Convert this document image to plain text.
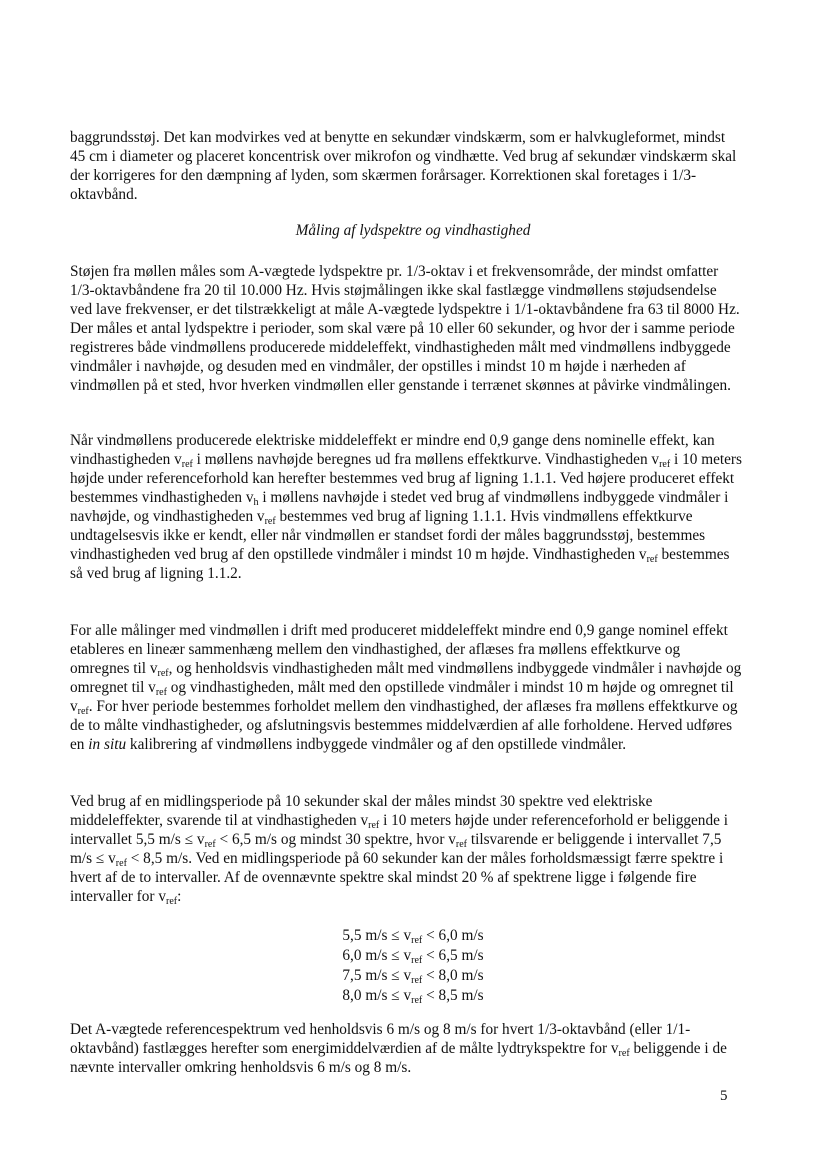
baggrundsstøj. Det kan modvirkes ved at benytte en sekundær vindskærm, som er halvkugleformet, mindst 45 cm i diameter og placeret koncentrisk over mikrofon og vindhætte. Ved brug af sekundær vindskærm skal der korrigeres for den dæmpning af lyden, som skærmen forårsager. Korrektionen skal foretages i 1/3-oktavbånd.

Måling af lydspektre og vindhastighed

Støjen fra møllen måles som A-vægtede lydspektre pr. 1/3-oktav i et frekvensområde, der mindst omfatter 1/3-oktavbåndene fra 20 til 10.000 Hz. Hvis støjmålingen ikke skal fastlægge vindmøllens støjudsendelse ved lave frekvenser, er det tilstrækkeligt at måle A-vægtede lydspektre i 1/1-oktavbåndene fra 63 til 8000 Hz. Der måles et antal lydspektre i perioder, som skal være på 10 eller 60 sekunder, og hvor der i samme periode registreres både vindmøllens producerede middeleffekt, vindhastigheden målt med vindmøllens indbyggede vindmåler i navhøjde, og desuden med en vindmåler, der opstilles i mindst 10 m højde i nærheden af vindmøllen på et sted, hvor hverken vindmøllen eller genstande i terrænet skønnes at påvirke vindmålingen.

Når vindmøllens producerede elektriske middeleffekt er mindre end 0,9 gange dens nominelle effekt, kan vindhastigheden $v_{ref}$ i møllens navhøjde beregnes ud fra møllens effektkurve. Vindhastigheden $v_{ref}$ i 10 meters højde under referenceforhold kan herefter bestemmes ved brug af ligning 1.1.1. Ved højere produceret effekt bestemmes vindhastigheden $v_h$ i møllens navhøjde i stedet ved brug af vindmøllens indbyggede vindmåler i navhøjde, og vindhastigheden $v_{ref}$ bestemmes ved brug af ligning 1.1.1. Hvis vindmøllens effektkurve undtagelsesvis ikke er kendt, eller når vindmøllen er standset fordi der måles baggrundsstøj, bestemmes vindhastigheden ved brug af den opstillede vindmåler i mindst 10 m højde. Vindhastigheden $v_{ref}$ bestemmes så ved brug af ligning 1.1.2.

For alle målinger med vindmøllen i drift med produceret middeleffekt mindre end 0,9 gange nominel effekt etableres en lineær sammenhæng mellem den vindhastighed, der aflæses fra møllens effektkurve og omregnes til $v_{ref}$, og henholdsvis vindhastigheden målt med vindmøllens indbyggede vindmåler i navhøjde og omregnet til $v_{ref}$ og vindhastigheden, målt med den opstillede vindmåler i mindst 10 m højde og omregnet til $v_{ref}$. For hver periode bestemmes forholdet mellem den vindhastighed, der aflæses fra møllens effektkurve og de to målte vindhastigheder, og afslutningsvis bestemmes middelværdien af alle forholdene. Herved udføres en in situ kalibrering af vindmøllens indbyggede vindmåler og af den opstillede vindmåler.

Ved brug af en midlingsperiode på 10 sekunder skal der måles mindst 30 spektre ved elektriske middeleffekter, svarende til at vindhastigheden $v_{ref}$ i 10 meters højde under referenceforhold er beliggende i intervallet 5,5 $m/s \le v_{ref} < 6,5$ m/s og mindst 30 spektre, hvor $v_{ref}$ tilsvarende er beliggende i intervallet 7,5 $m/s \le v_{ref} < 8,5$ m/s. Ved en midlingsperiode på 60 sekunder kan der måles forholdsmæssigt færre spektre i hvert af de to intervaller. Af de ovennævnte spektre skal mindst 20 % af spektrene ligge i følgende fire intervaller for $v_{ref}$:

5,5 $m/s \le v_{ref} < 6,0$ m/s
6,0 $m/s \le v_{ref} < 6,5$ m/s
7,5 $m/s \le v_{ref} < 8,0$ m/s
8,0 $m/s \le v_{ref} < 8,5$ m/s

Det A-vægtede referencespektrum ved henholdsvis 6 m/s og 8 m/s for hvert 1/3-oktavbånd (eller 1/1-oktavbånd) fastlægges herefter som energimiddelværdien af de målte lydtrykspektre for $v_{ref}$ beliggende i de nævnte intervaller omkring henholdsvis 6 m/s og 8 m/s.

5
